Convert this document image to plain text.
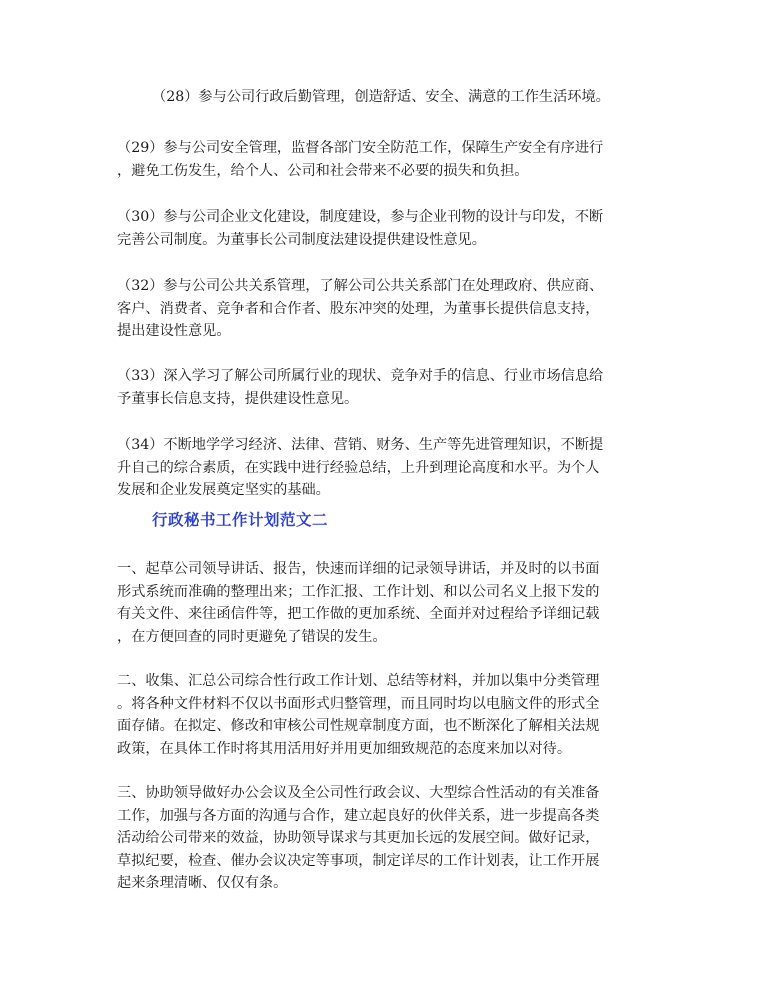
（28）参与公司行政后勤管理，创造舒适、安全、满意的工作生活环境。

（29）参与公司安全管理，监督各部门安全防范工作，保障生产安全有序进行
，避免工伤发生，给个人、公司和社会带来不必要的损失和负担。

（30）参与公司企业文化建设，制度建设，参与企业刊物的设计与印发，不断
完善公司制度。为董事长公司制度法建设提供建设性意见。

（32）参与公司公共关系管理，了解公司公共关系部门在处理政府、供应商、
客户、消费者、竞争者和合作者、股东冲突的处理，为董事长提供信息支持，
提出建设性意见。

（33）深入学习了解公司所属行业的现状、竞争对手的信息、行业市场信息给
予董事长信息支持，提供建设性意见。

（34）不断地学学习经济、法律、营销、财务、生产等先进管理知识，不断提
升自己的综合素质，在实践中进行经验总结，上升到理论高度和水平。为个人
发展和企业发展奠定坚实的基础。

行政秘书工作计划范文二

一、起草公司领导讲话、报告，快速而详细的记录领导讲话，并及时的以书面
形式系统而准确的整理出来；工作汇报、工作计划、和以公司名义上报下发的
有关文件、来往函信件等，把工作做的更加系统、全面并对过程给予详细记载
，在方便回查的同时更避免了错误的发生。

二、收集、汇总公司综合性行政工作计划、总结等材料，并加以集中分类管理
。将各种文件材料不仅以书面形式归整管理，而且同时均以电脑文件的形式全
面存储。在拟定、修改和审核公司性规章制度方面，也不断深化了解相关法规
政策，在具体工作时将其用活用好并用更加细致规范的态度来加以对待。

三、协助领导做好办公会议及全公司性行政会议、大型综合性活动的有关准备
工作，加强与各方面的沟通与合作，建立起良好的伙伴关系，进一步提高各类
活动给公司带来的效益，协助领导谋求与其更加长远的发展空间。做好记录，
草拟纪要，检查、催办会议决定等事项，制定详尽的工作计划表，让工作开展
起来条理清晰、仅仅有条。
